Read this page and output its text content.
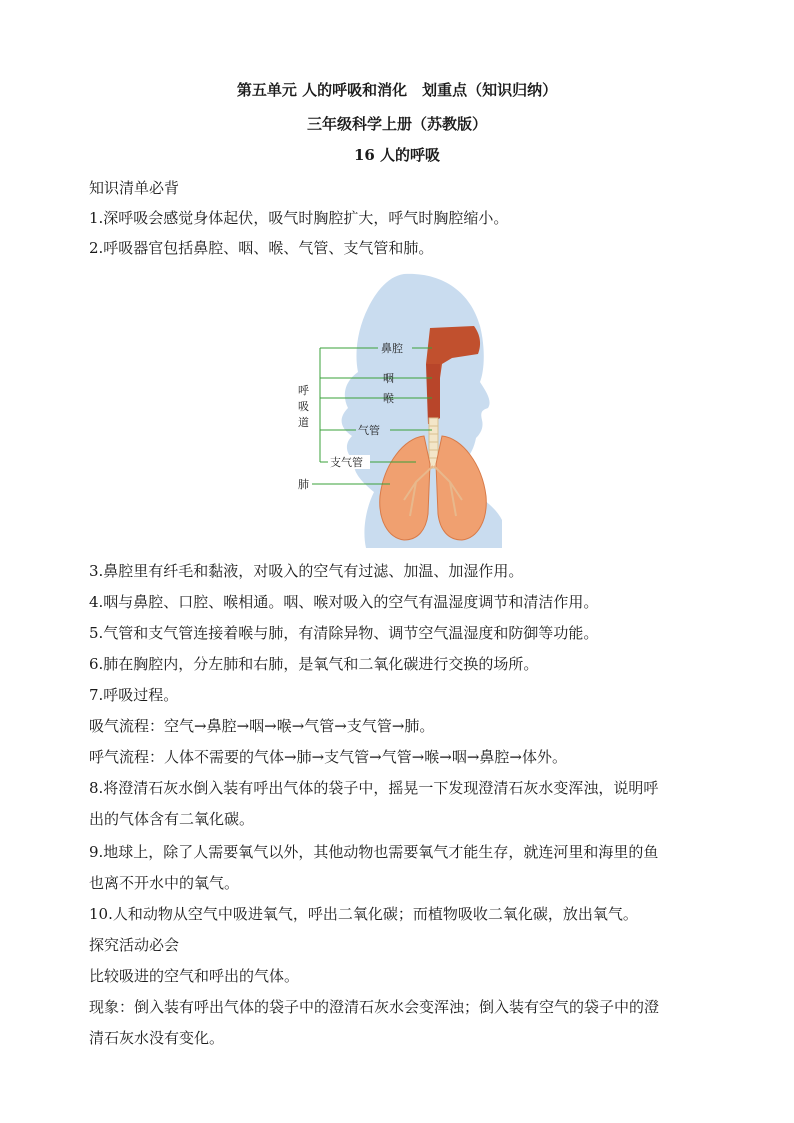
第五单元 人的呼吸和消化　划重点（知识归纳）
三年级科学上册（苏教版）
16 人的呼吸
知识清单必背
1.深呼吸会感觉身体起伏，吸气时胸腔扩大，呼气时胸腔缩小。
2.呼吸器官包括鼻腔、咽、喉、气管、支气管和肺。
鼻腔
咽
喉
气管
支气管
肺
呼
吸
道
3.鼻腔里有纤毛和黏液，对吸入的空气有过滤、加温、加湿作用。
4.咽与鼻腔、口腔、喉相通。咽、喉对吸入的空气有温湿度调节和清洁作用。
5.气管和支气管连接着喉与肺，有清除异物、调节空气温湿度和防御等功能。
6.肺在胸腔内，分左肺和右肺，是氧气和二氧化碳进行交换的场所。
7.呼吸过程。
吸气流程：空气→鼻腔→咽→喉→气管→支气管→肺。
呼气流程：人体不需要的气体→肺→支气管→气管→喉→咽→鼻腔→体外。
8.将澄清石灰水倒入装有呼出气体的袋子中，摇晃一下发现澄清石灰水变浑浊，说明呼
出的气体含有二氧化碳。
9.地球上，除了人需要氧气以外，其他动物也需要氧气才能生存，就连河里和海里的鱼
也离不开水中的氧气。
10.人和动物从空气中吸进氧气，呼出二氧化碳；而植物吸收二氧化碳，放出氧气。
探究活动必会
比较吸进的空气和呼出的气体。
现象：倒入装有呼出气体的袋子中的澄清石灰水会变浑浊；倒入装有空气的袋子中的澄
清石灰水没有变化。
